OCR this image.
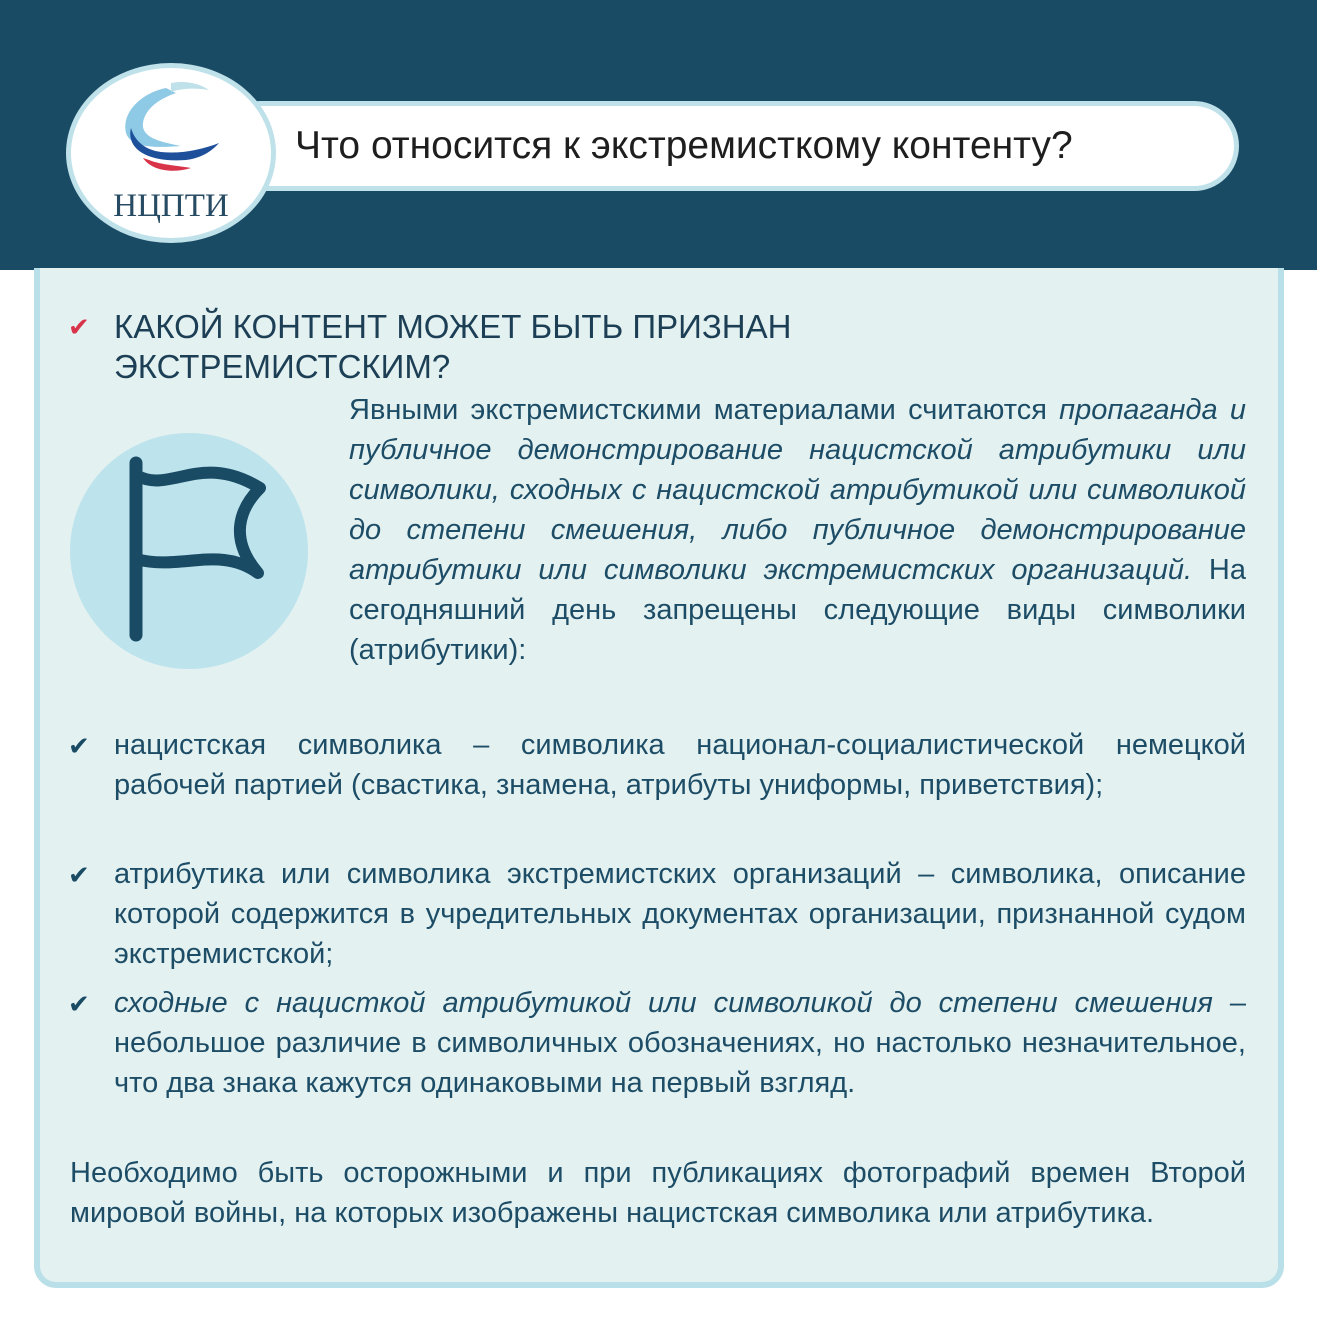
НЦПТИ
Что относится к экстремисткому контенту?
✔ КАКОЙ КОНТЕНТ МОЖЕТ БЫТЬ ПРИЗНАН ЭКСТРЕМИСТСКИМ?
Явными экстремистскими материалами считаются пропаганда и публичное демонстрирование нацистской атрибутики или символики, сходных с нацистской атрибутикой или символикой до степени смешения, либо публичное демонстрирование атрибутики или символики экстремистских организаций. На сегодняшний день запрещены следующие виды символики (атрибутики):
✔ нацистская символика – символика национал-социалистической немецкой рабочей партией (свастика, знамена, атрибуты униформы, приветствия);
✔ атрибутика или символика экстремистских организаций – символика, описание которой содержится в учредительных документах организации, признанной судом экстремистской;
✔ сходные с нацисткой атрибутикой или символикой до степени смешения – небольшое различие в символичных обозначениях, но настолько незначительное, что два знака кажутся одинаковыми на первый взгляд.
Необходимо быть осторожными и при публикациях фотографий времен Второй мировой войны, на которых изображены нацистская символика или атрибутика.
